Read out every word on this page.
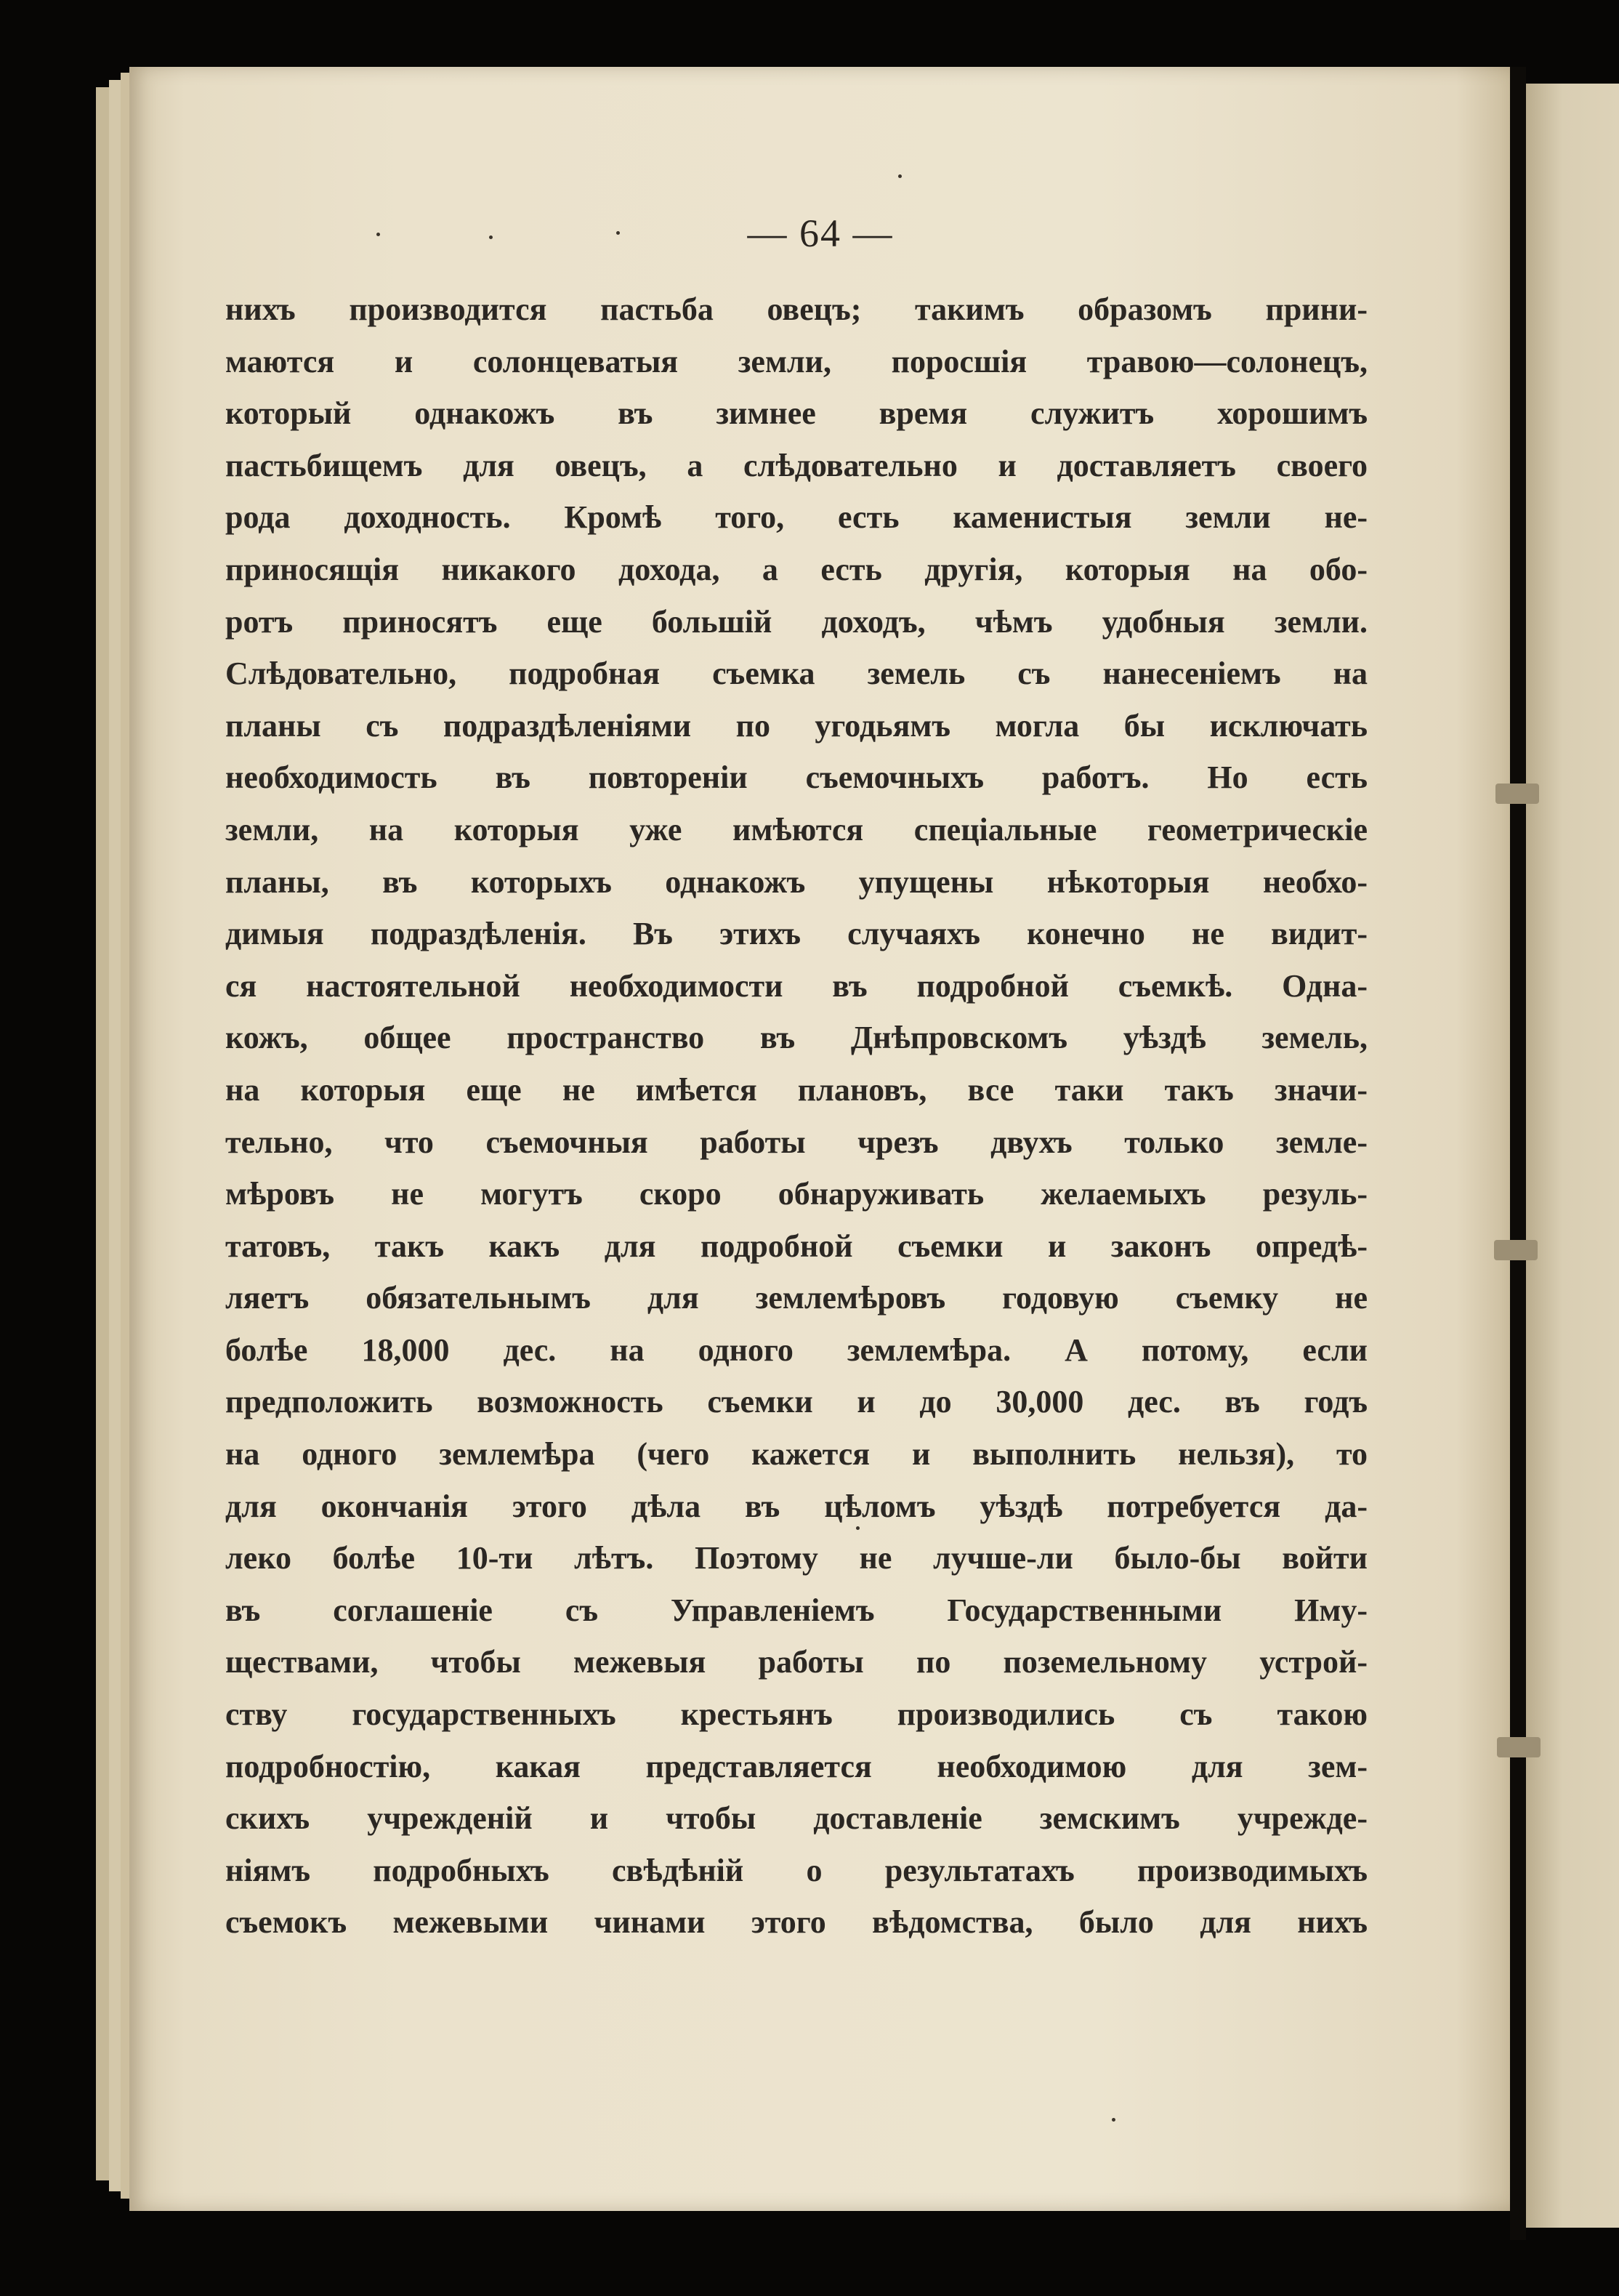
— 64 —
нихъ производится пастьба овецъ; такимъ образомъ прини-
маются и солонцеватыя земли, поросшія травою—солонецъ,
который однакожъ въ зимнее время служитъ хорошимъ
пастьбищемъ для овецъ, а слѣдовательно и доставляетъ своего
рода доходность. Кромѣ того, есть каменистыя земли не-
приносящія никакого дохода, а есть другія, которыя на обо-
ротъ приносятъ еще большій доходъ, чѣмъ удобныя земли.
Слѣдовательно, подробная съемка земель съ нанесеніемъ на
планы съ подраздѣленіями по угодьямъ могла бы исключать
необходимость въ повтореніи съемочныхъ работъ. Но есть
земли, на которыя уже имѣются спеціальные геометрическіе
планы, въ которыхъ однакожъ упущены нѣкоторыя необхо-
димыя подраздѣленія. Въ этихъ случаяхъ конечно не видит-
ся настоятельной необходимости въ подробной съемкѣ. Одна-
кожъ, общее пространство въ Днѣпровскомъ уѣздѣ земель,
на которыя еще не имѣется плановъ, все таки такъ значи-
тельно, что съемочныя работы чрезъ двухъ только земле-
мѣровъ не могутъ скоро обнаруживать желаемыхъ резуль-
татовъ, такъ какъ для подробной съемки и законъ опредѣ-
ляетъ обязательнымъ для землемѣровъ годовую съемку не
болѣе 18,000 дес. на одного землемѣра. А потому, если
предположить возможность съемки и до 30,000 дес. въ годъ
на одного землемѣра (чего кажется и выполнить нельзя), то
для окончанія этого дѣла въ цѣломъ уѣздѣ потребуется да-
леко болѣе 10-ти лѣтъ. Поэтому не лучше-ли было-бы войти
въ соглашеніе съ Управленіемъ Государственными Иму-
ществами, чтобы межевыя работы по поземельному устрой-
ству государственныхъ крестьянъ производились съ такою
подробностію, какая представляется необходимою для зем-
скихъ учрежденій и чтобы доставленіе земскимъ учрежде-
ніямъ подробныхъ свѣдѣній о результатахъ производимыхъ
съемокъ межевыми чинами этого вѣдомства, было для нихъ
